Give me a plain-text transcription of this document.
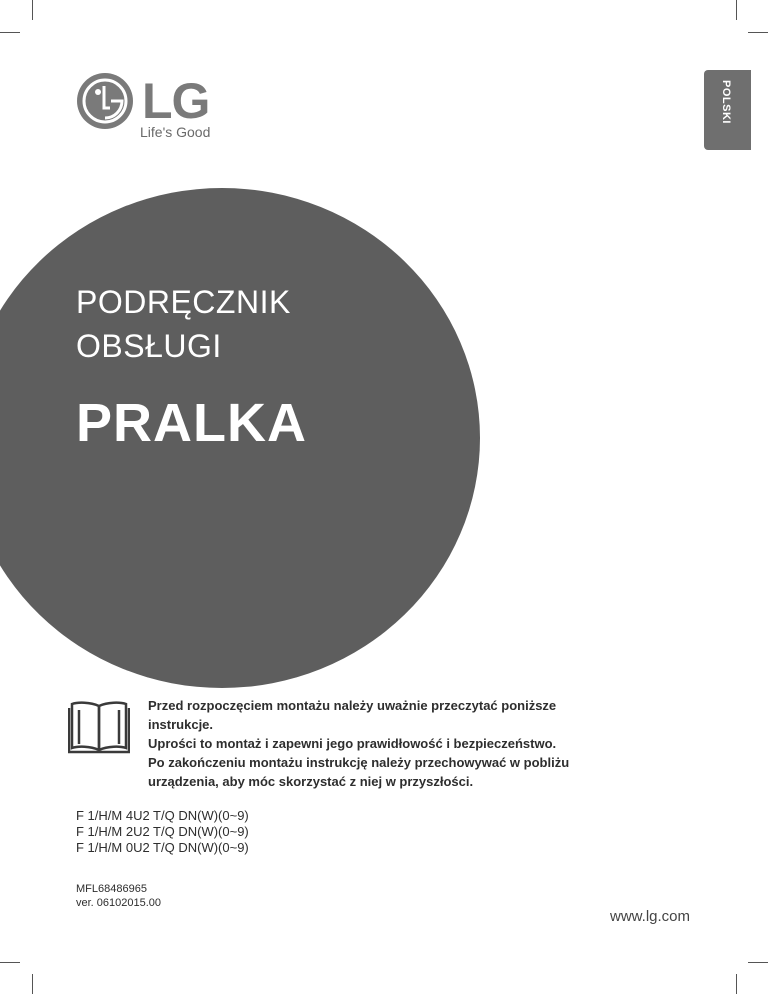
LG
Life's Good
POLSKI
PODRĘCZNIK
OBSŁUGI
PRALKA

Przed rozpoczęciem montażu należy uważnie przeczytać poniższe instrukcje.

Uprości to montaż i zapewni jego prawidłowość i bezpieczeństwo.

Po zakończeniu montażu instrukcję należy przechowywać w pobliżu urządzenia, aby móc skorzystać z niej w przyszłości.

F 1/H/M 4U2 T/Q DN(W)(0~9)
F 1/H/M 2U2 T/Q DN(W)(0~9)
F 1/H/M 0U2 T/Q DN(W)(0~9)
MFL68486965
ver. 06102015.00
www.lg.com
